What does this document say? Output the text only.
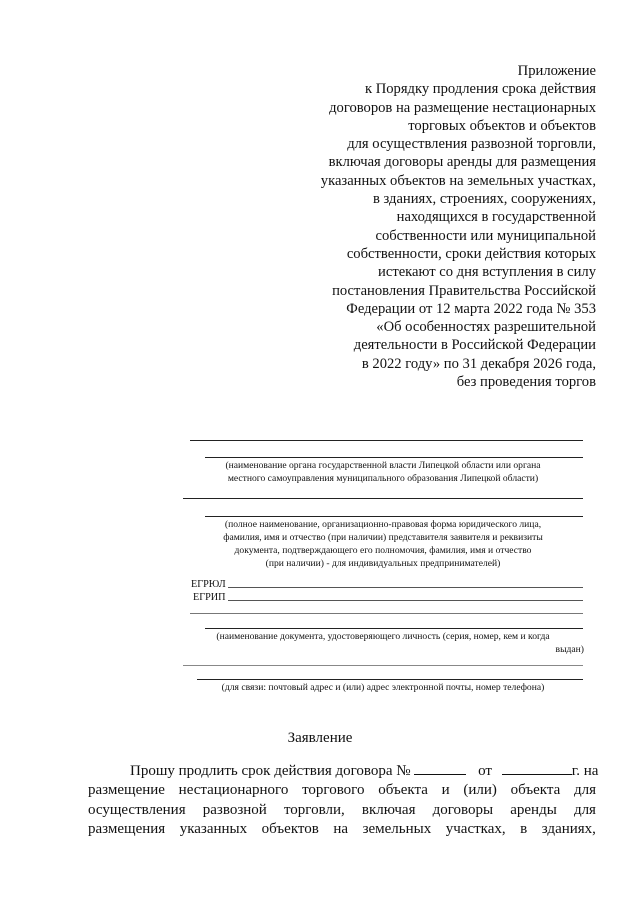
Приложение
к Порядку продления срока действия
договоров на размещение нестационарных
торговых объектов и объектов
для осуществления развозной торговли,
включая договоры аренды для размещения
указанных объектов на земельных участках,
в зданиях, строениях, сооружениях,
находящихся в государственной
собственности или муниципальной
собственности, сроки действия которых
истекают со дня вступления в силу
постановления Правительства Российской
Федерации от 12 марта 2022 года № 353
«Об особенностях разрешительной
деятельности в Российской Федерации
в 2022 году» по 31 декабря 2026 года,
без проведения торгов
(наименование органа государственной власти Липецкой области или органа
местного самоуправления муниципального образования Липецкой области)
(полное наименование, организационно-правовая форма юридического лица,
фамилия, имя и отчество (при наличии) представителя заявителя и реквизиты
документа, подтверждающего его полномочия, фамилия, имя и отчество
(при наличии) - для индивидуальных предпринимателей)
ЕГРЮЛ
ЕГРИП
(наименование документа, удостоверяющего личность (серия, номер, кем и когда
выдан)
(для связи: почтовый адрес и (или) адрес электронной почты, номер телефона)
Заявление
Прошу продлить срок действия договора №	от	г. на
размещение нестационарного торгового объекта и (или) объекта для
осуществления развозной торговли, включая договоры аренды для
размещения указанных объектов на земельных участках, в зданиях,
